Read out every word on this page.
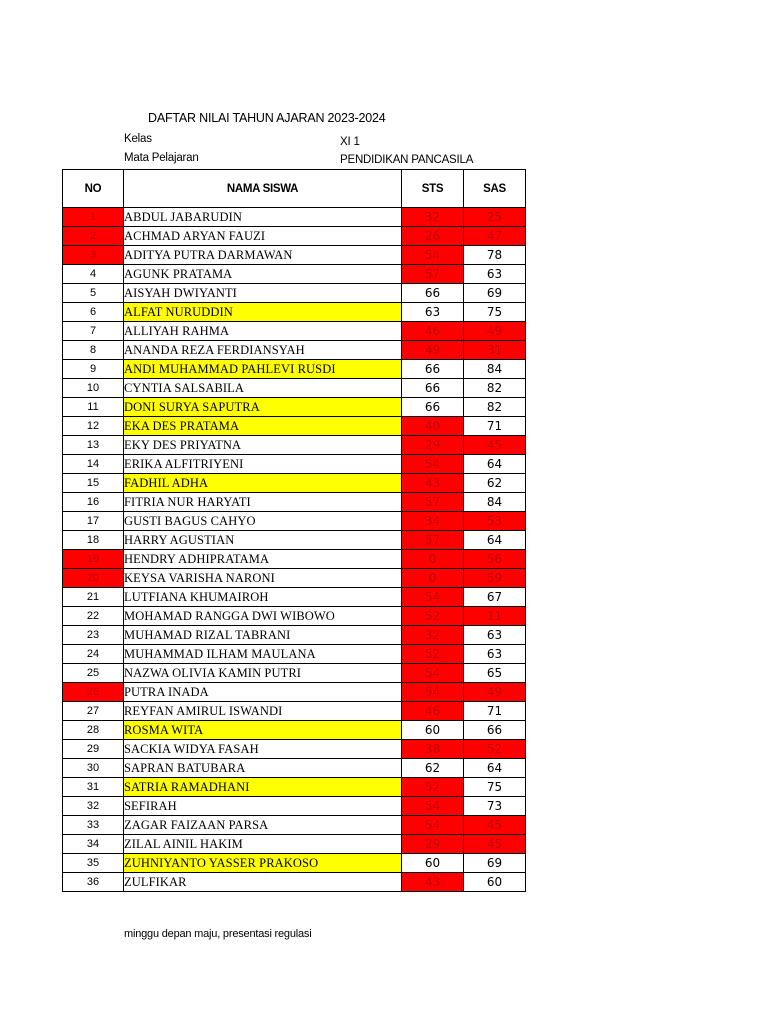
DAFTAR NILAI TAHUN AJARAN 2023-2024
Kelas	XI 1
Mata Pelajaran	PENDIDIKAN PANCASILA
NO	NAMA SISWA	STS	SAS
1	ABDUL JABARUDIN	32	25
2	ACHMAD ARYAN FAUZI	26	47
3	ADITYA PUTRA DARMAWAN	54	78
4	AGUNK PRATAMA	57	63
5	AISYAH DWIYANTI	66	69
6	ALFAT NURUDDIN	63	75
7	ALLIYAH RAHMA	46	49
8	ANANDA REZA FERDIANSYAH	49	31
9	ANDI MUHAMMAD PAHLEVI RUSDI	66	84
10	CYNTIA SALSABILA	66	82
11	DONI SURYA SAPUTRA	66	82
12	EKA DES PRATAMA	40	71
13	EKY DES PRIYATNA	29	45
14	ERIKA ALFITRIYENI	54	64
15	FADHIL ADHA	43	62
16	FITRIA NUR HARYATI	57	84
17	GUSTI BAGUS CAHYO	34	53
18	HARRY AGUSTIAN	57	64
19	HENDRY ADHIPRATAMA	0	56
20	KEYSA VARISHA NARONI	0	59
21	LUTFIANA KHUMAIROH	54	67
22	MOHAMAD RANGGA DWI WIBOWO	52	11
23	MUHAMAD RIZAL TABRANI	32	63
24	MUHAMMAD ILHAM MAULANA	52	63
25	NAZWA OLIVIA KAMIN PUTRI	54	65
26	PUTRA INADA	54	49
27	REYFAN AMIRUL ISWANDI	46	71
28	ROSMA WITA	60	66
29	SACKIA WIDYA FASAH	38	52
30	SAPRAN BATUBARA	62	64
31	SATRIA RAMADHANI	52	75
32	SEFIRAH	54	73
33	ZAGAR FAIZAAN PARSA	54	45
34	ZILAL AINIL HAKIM	29	45
35	ZUHNIYANTO YASSER PRAKOSO	60	69
36	ZULFIKAR	43	60
minggu depan maju, presentasi regulasi
